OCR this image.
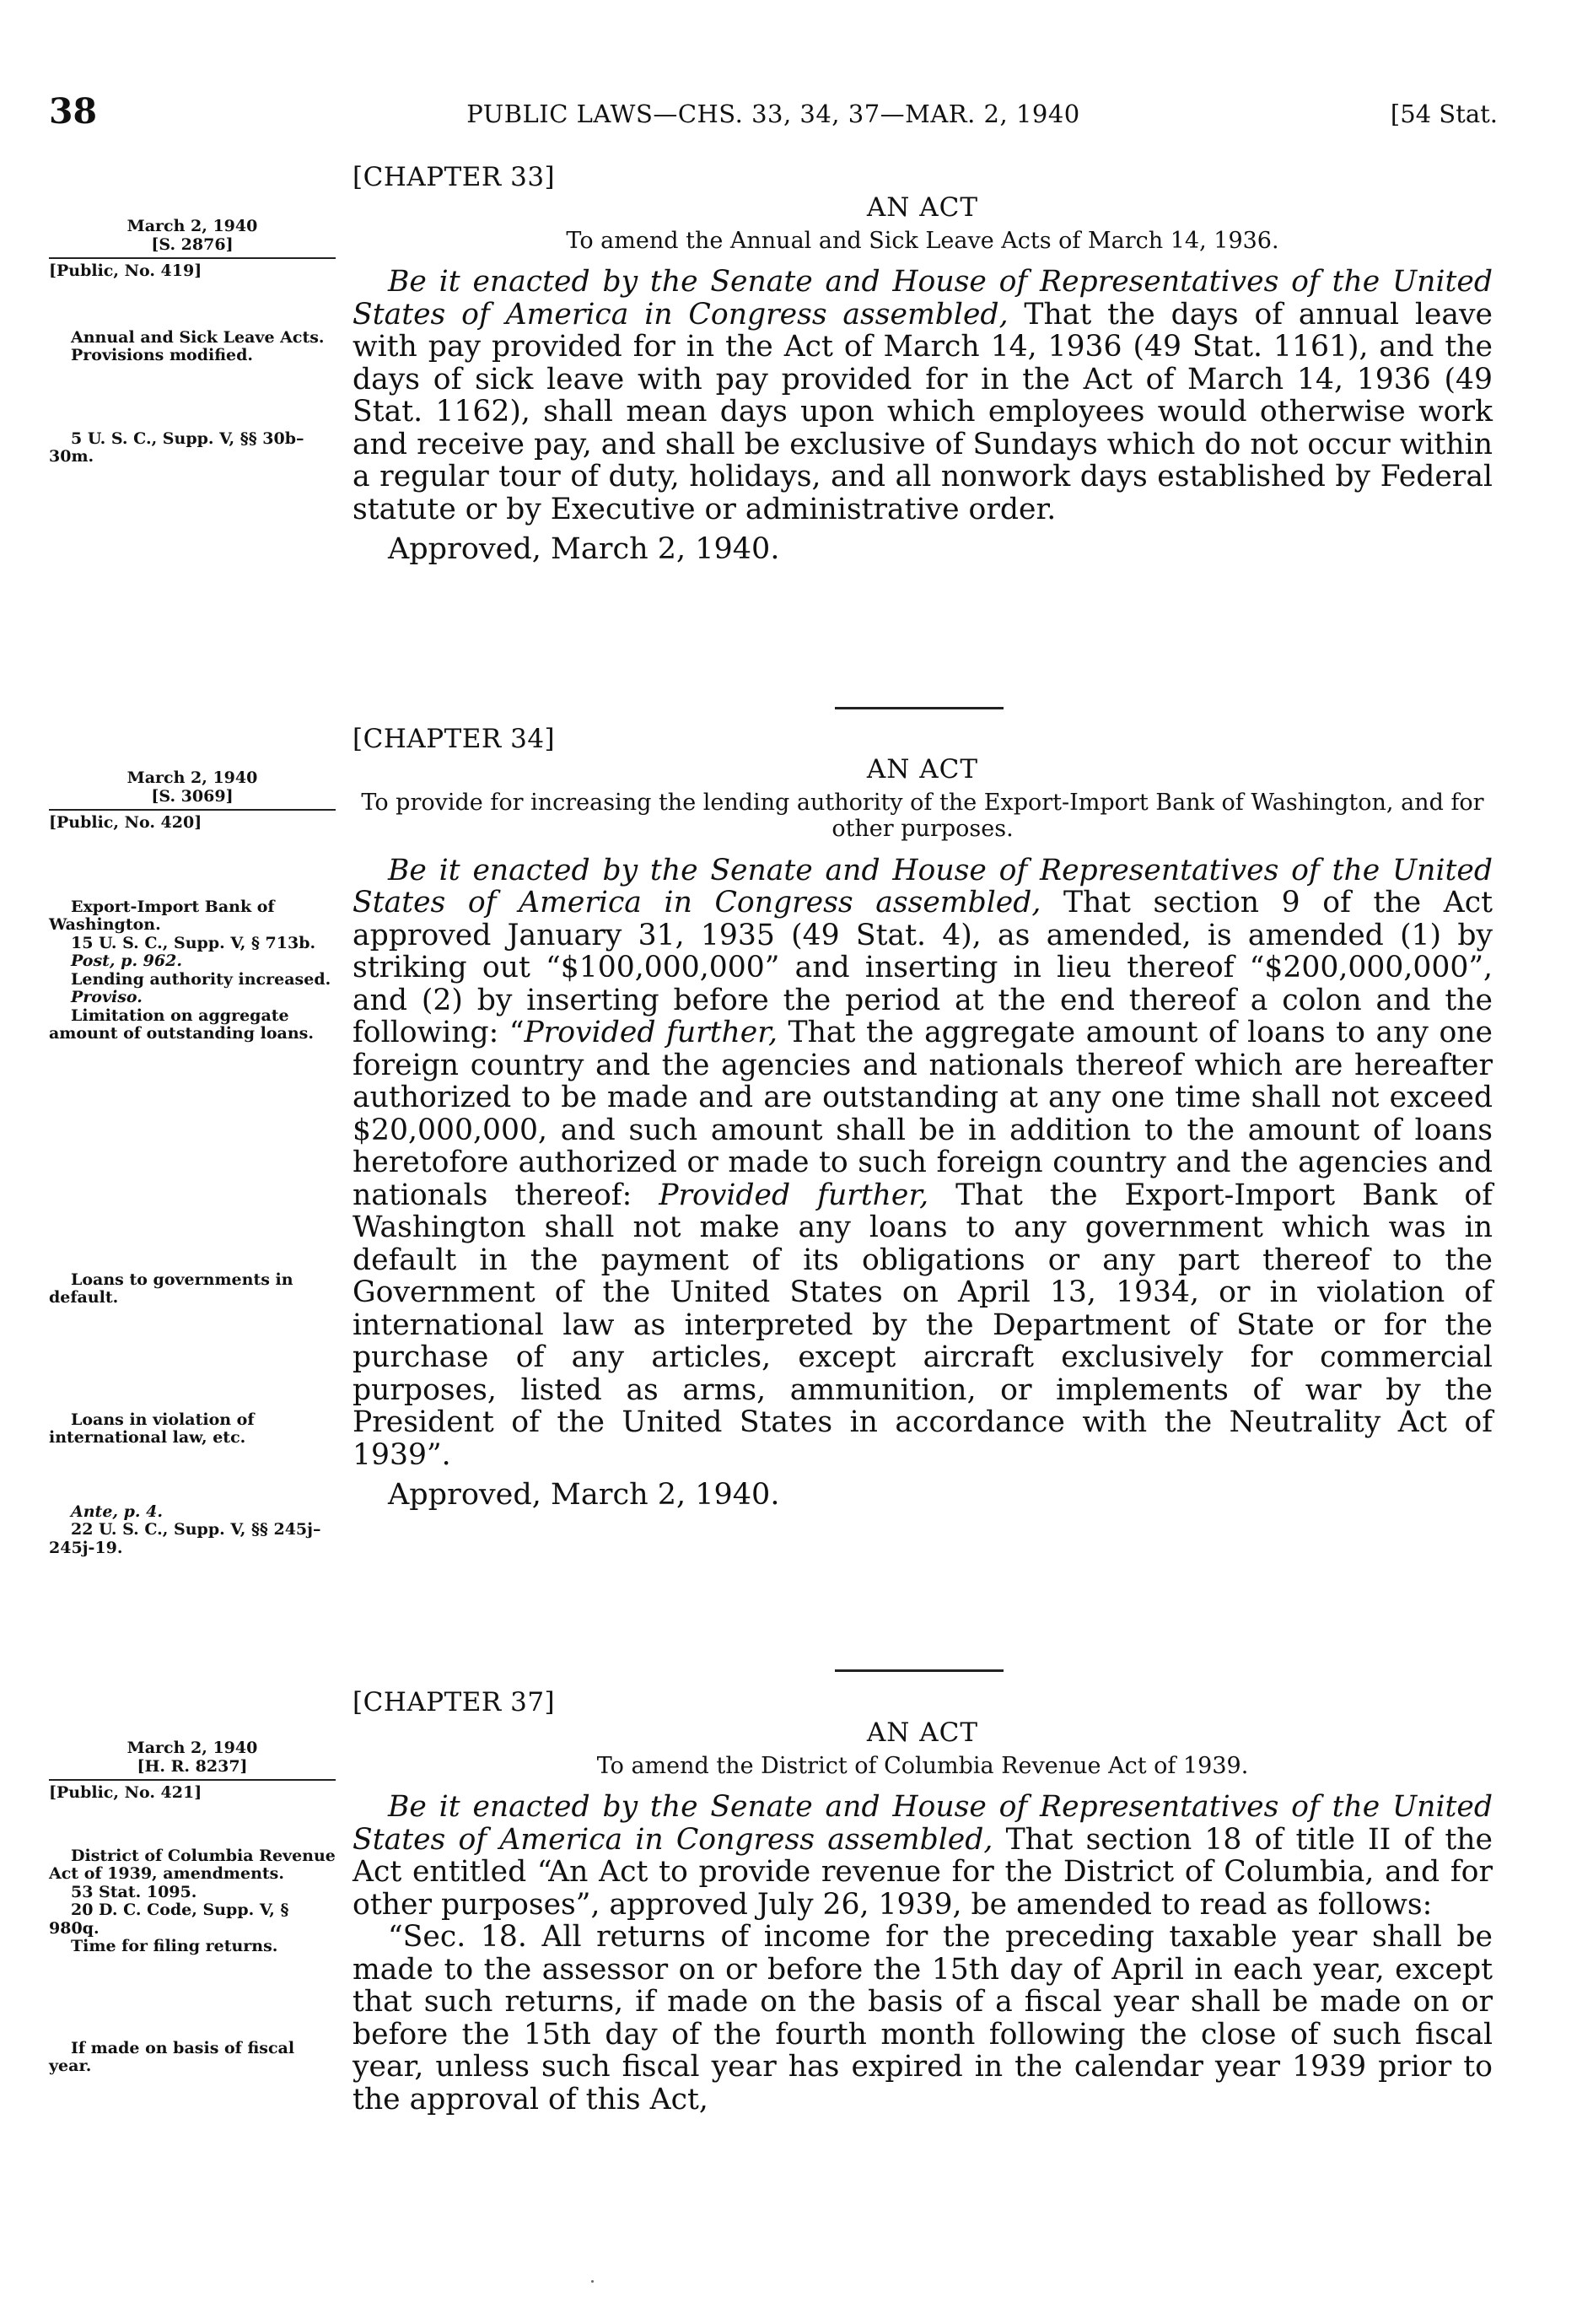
38	PUBLIC LAWS—CHS. 33, 34, 37—MAR. 2, 1940	[54 Stat.
March 2, 1940
[S. 2876]
[Public, No. 419]
Annual and Sick Leave Acts.
Provisions modified.
5 U. S. C., Supp. V, §§ 30b–30m.
[CHAPTER 33]
AN ACT
To amend the Annual and Sick Leave Acts of March 14, 1936.

Be it enacted by the Senate and House of Representatives of the United States of America in Congress assembled, That the days of annual leave with pay provided for in the Act of March 14, 1936 (49 Stat. 1161), and the days of sick leave with pay provided for in the Act of March 14, 1936 (49 Stat. 1162), shall mean days upon which employees would otherwise work and receive pay, and shall be exclusive of Sundays which do not occur within a regular tour of duty, holidays, and all nonwork days established by Federal statute or by Executive or administrative order.

Approved, March 2, 1940.
March 2, 1940
[S. 3069]
[Public, No. 420]
Export-Import Bank of Washington.
15 U. S. C., Supp. V, § 713b.
Post, p. 962.
Lending authority increased.
Proviso.
Limitation on aggregate amount of outstanding loans.
Loans to governments in default.
Loans in violation of international law, etc.
Ante, p. 4.
22 U. S. C., Supp. V, §§ 245j–245j-19.
[CHAPTER 34]
AN ACT
To provide for increasing the lending authority of the Export-Import Bank of Washington, and for other purposes.

Be it enacted by the Senate and House of Representatives of the United States of America in Congress assembled, That section 9 of the Act approved January 31, 1935 (49 Stat. 4), as amended, is amended (1) by striking out “$100,000,000” and inserting in lieu thereof “$200,000,000”, and (2) by inserting before the period at the end thereof a colon and the following: “Provided further, That the aggregate amount of loans to any one foreign country and the agencies and nationals thereof which are hereafter authorized to be made and are outstanding at any one time shall not exceed $20,000,000, and such amount shall be in addition to the amount of loans heretofore authorized or made to such foreign country and the agencies and nationals thereof: Provided further, That the Export-Import Bank of Washington shall not make any loans to any government which was in default in the payment of its obligations or any part thereof to the Government of the United States on April 13, 1934, or in violation of international law as interpreted by the Department of State or for the purchase of any articles, except aircraft exclusively for commercial purposes, listed as arms, ammunition, or implements of war by the President of the United States in accordance with the Neutrality Act of 1939”.

Approved, March 2, 1940.
March 2, 1940
[H. R. 8237]
[Public, No. 421]
District of Columbia Revenue Act of 1939, amendments.
53 Stat. 1095.
20 D. C. Code, Supp. V, § 980q.
Time for filing returns.
If made on basis of fiscal year.
[CHAPTER 37]
AN ACT
To amend the District of Columbia Revenue Act of 1939.

Be it enacted by the Senate and House of Representatives of the United States of America in Congress assembled, That section 18 of title II of the Act entitled “An Act to provide revenue for the District of Columbia, and for other purposes”, approved July 26, 1939, be amended to read as follows:

“Sec. 18. All returns of income for the preceding taxable year shall be made to the assessor on or before the 15th day of April in each year, except that such returns, if made on the basis of a fiscal year shall be made on or before the 15th day of the fourth month following the close of such fiscal year, unless such fiscal year has expired in the calendar year 1939 prior to the approval of this Act,
